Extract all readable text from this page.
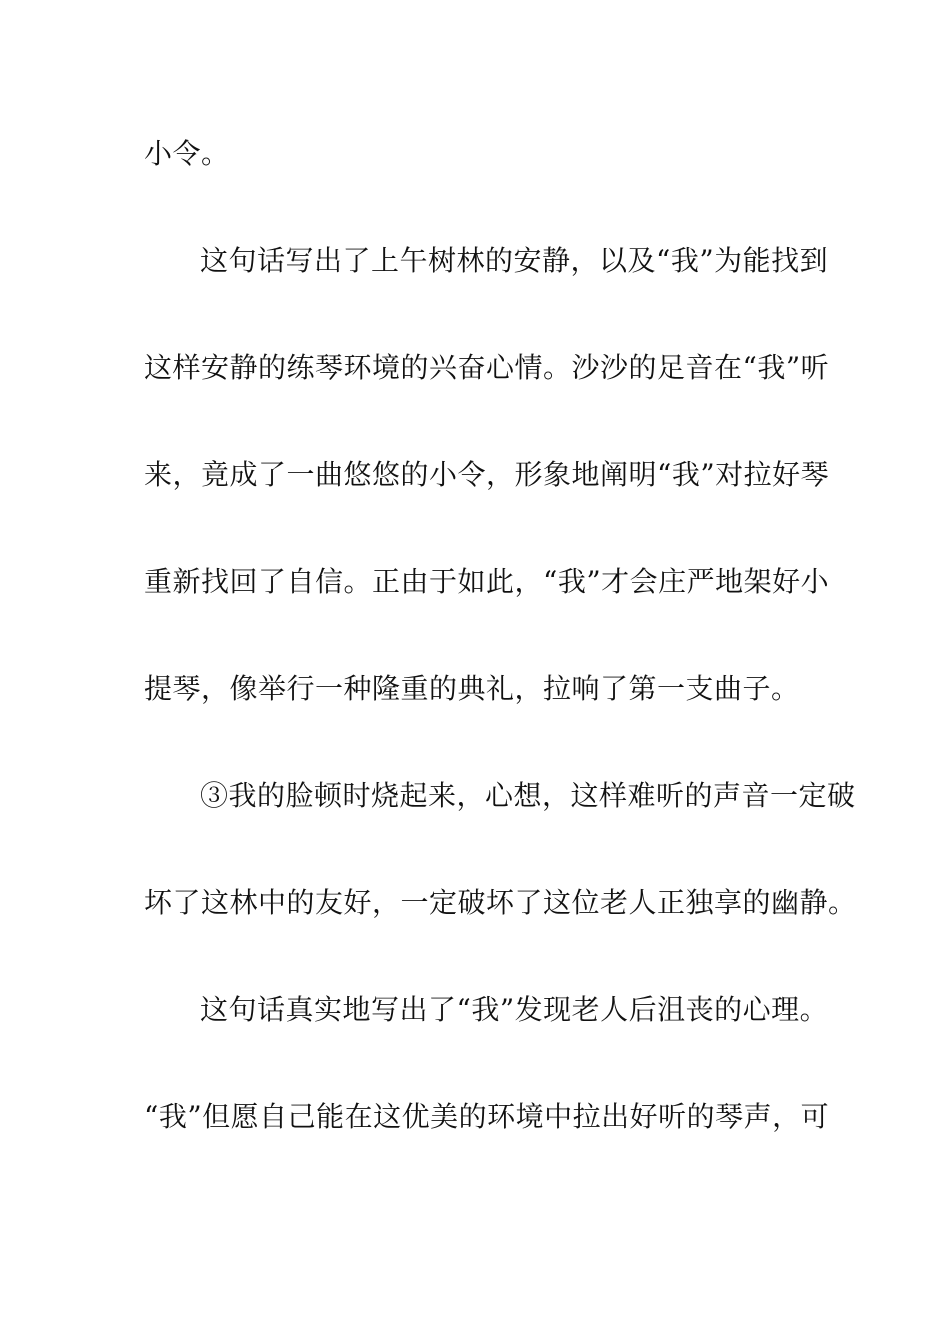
小令。
这句话写出了上午树林的安静，以及“我”为能找到
这样安静的练琴环境的兴奋心情。沙沙的足音在“我”听
来，竟成了一曲悠悠的小令，形象地阐明“我”对拉好琴
重新找回了自信。正由于如此，“我”才会庄严地架好小
提琴，像举行一种隆重的典礼，拉响了第一支曲子。
③我的脸顿时烧起来，心想，这样难听的声音一定破
坏了这林中的友好，一定破坏了这位老人正独享的幽静。
这句话真实地写出了“我”发现老人后沮丧的心理。
“我”但愿自己能在这优美的环境中拉出好听的琴声，可
